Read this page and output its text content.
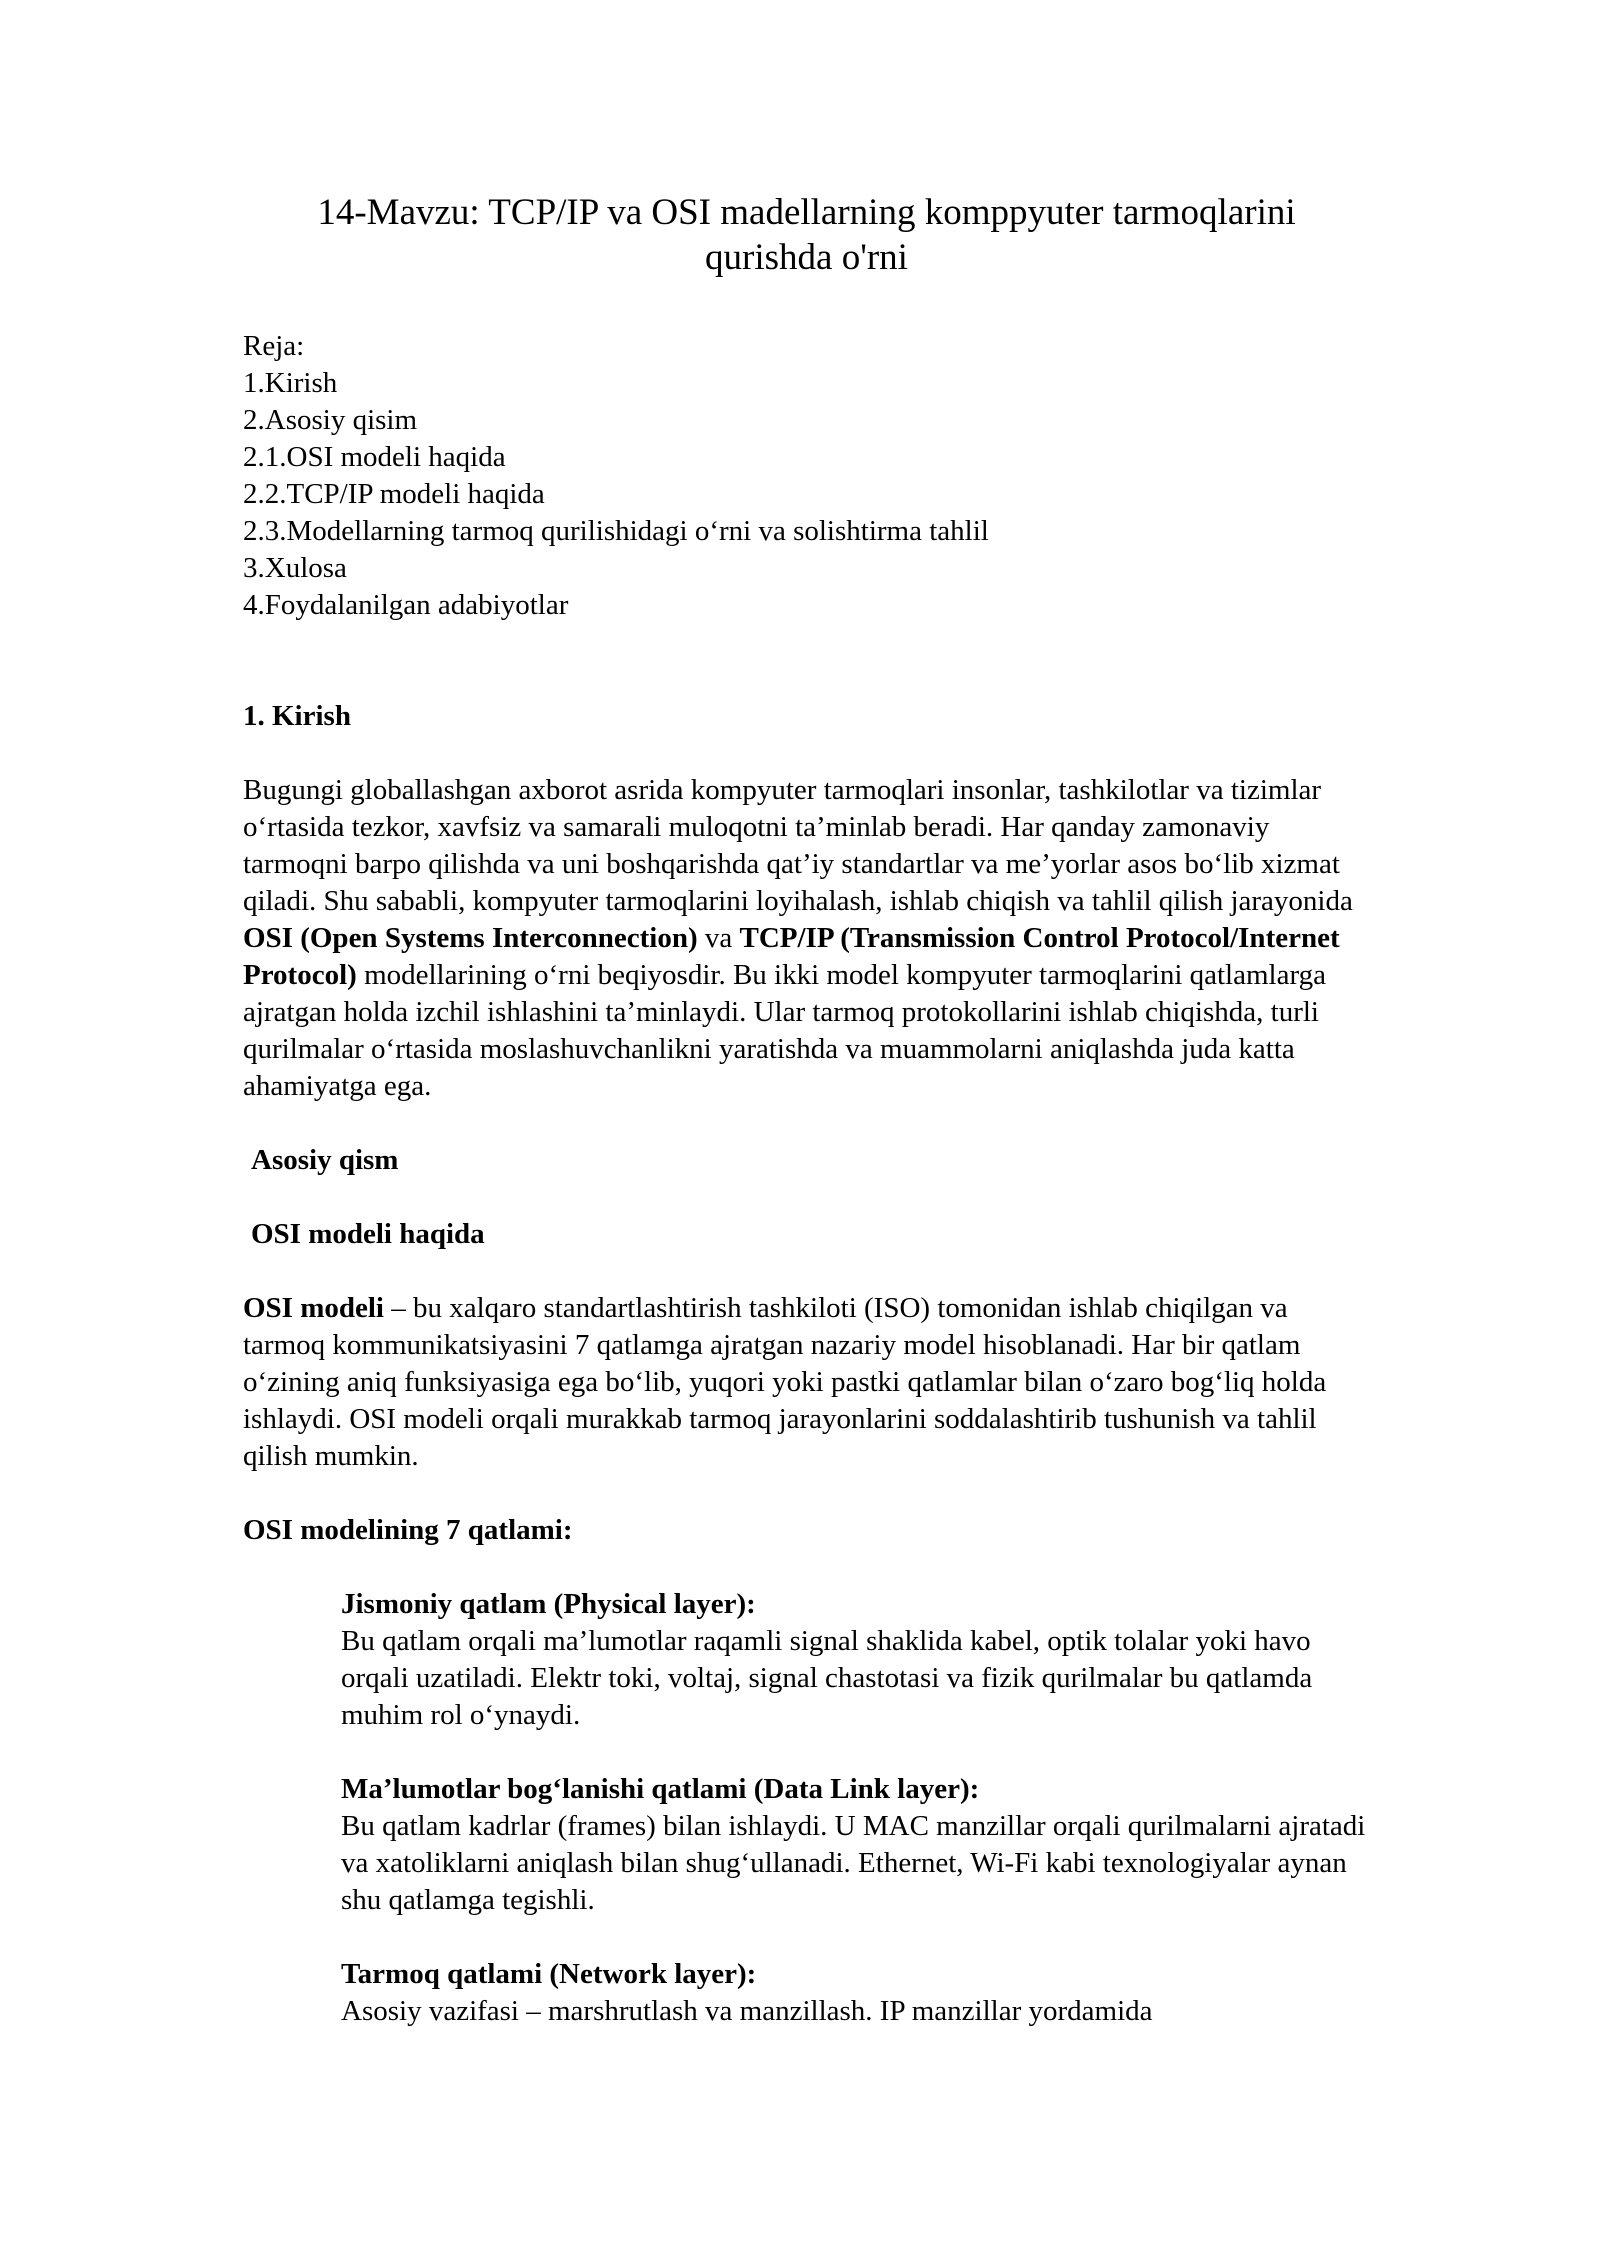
14-Mavzu: TCP/IP va OSI madellarning komppyuter tarmoqlarini qurishda o'rni
Reja:
1.Kirish
2.Asosiy qisim
2.1.OSI modeli haqida
2.2.TCP/IP modeli haqida
2.3.Modellarning tarmoq qurilishidagi o‘rni va solishtirma tahlil
3.Xulosa
4.Foydalanilgan adabiyotlar
1. Kirish

Bugungi globallashgan axborot asrida kompyuter tarmoqlari insonlar, tashkilotlar va tizimlar o‘rtasida tezkor, xavfsiz va samarali muloqotni ta’minlab beradi. Har qanday zamonaviy tarmoqni barpo qilishda va uni boshqarishda qat’iy standartlar va me’yorlar asos bo‘lib xizmat qiladi. Shu sababli, kompyuter tarmoqlarini loyihalash, ishlab chiqish va tahlil qilish jarayonida OSI (Open Systems Interconnection) va TCP/IP (Transmission Control Protocol/Internet Protocol) modellarining o‘rni beqiyosdir. Bu ikki model kompyuter tarmoqlarini qatlamlarga ajratgan holda izchil ishlashini ta’minlaydi. Ular tarmoq protokollarini ishlab chiqishda, turli qurilmalar o‘rtasida moslashuvchanlikni yaratishda va muammolarni aniqlashda juda katta ahamiyatga ega.

Asosiy qism
OSI modeli haqida

OSI modeli – bu xalqaro standartlashtirish tashkiloti (ISO) tomonidan ishlab chiqilgan va tarmoq kommunikatsiyasini 7 qatlamga ajratgan nazariy model hisoblanadi. Har bir qatlam o‘zining aniq funksiyasiga ega bo‘lib, yuqori yoki pastki qatlamlar bilan o‘zaro bog‘liq holda ishlaydi. OSI modeli orqali murakkab tarmoq jarayonlarini soddalashtirib tushunish va tahlil qilish mumkin.

OSI modelining 7 qatlami:
Jismoniy qatlam (Physical layer):

Bu qatlam orqali ma’lumotlar raqamli signal shaklida kabel, optik tolalar yoki havo orqali uzatiladi. Elektr toki, voltaj, signal chastotasi va fizik qurilmalar bu qatlamda muhim rol o‘ynaydi.

Ma’lumotlar bog‘lanishi qatlami (Data Link layer):

Bu qatlam kadrlar (frames) bilan ishlaydi. U MAC manzillar orqali qurilmalarni ajratadi va xatoliklarni aniqlash bilan shug‘ullanadi. Ethernet, Wi-Fi kabi texnologiyalar aynan shu qatlamga tegishli.

Tarmoq qatlami (Network layer):

Asosiy vazifasi – marshrutlash va manzillash. IP manzillar yordamida
